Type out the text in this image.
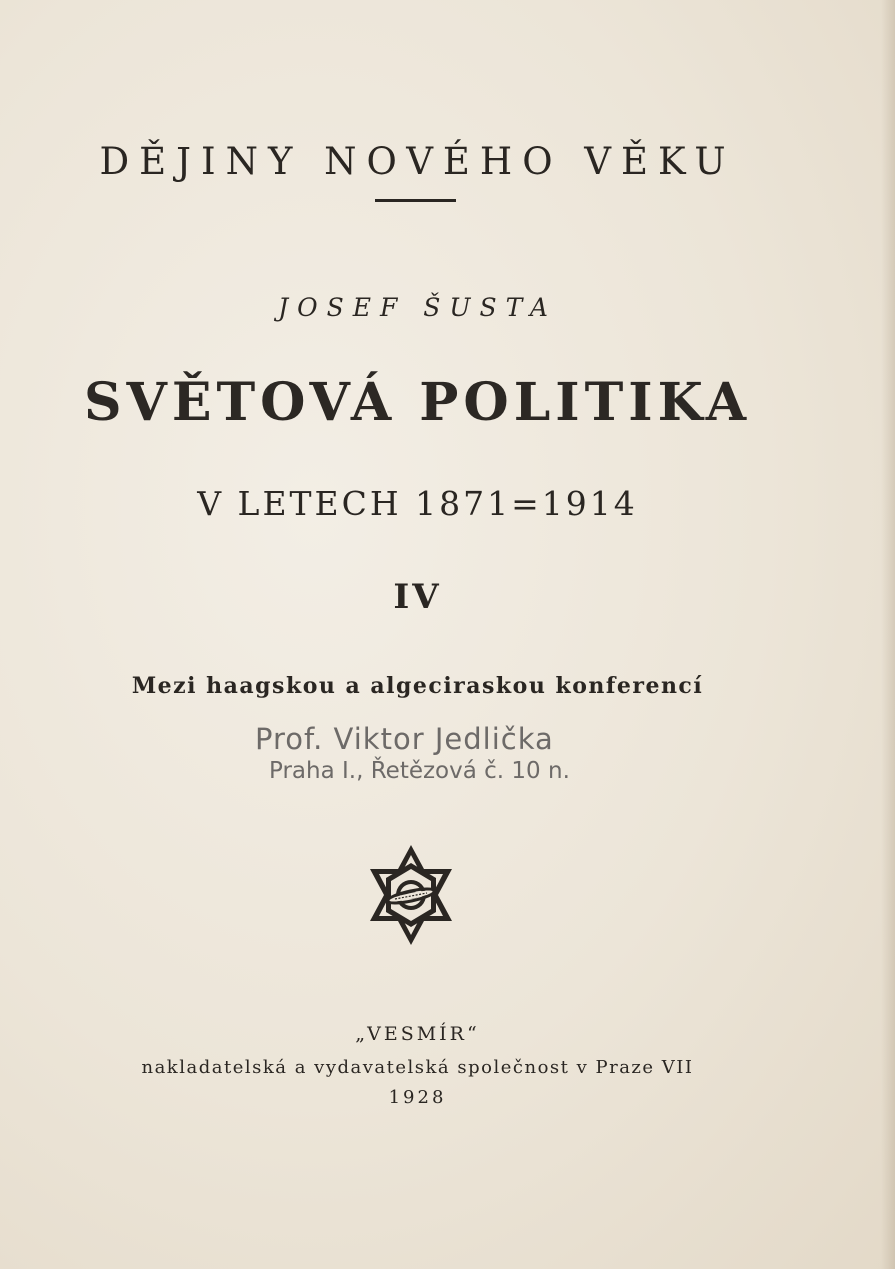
DĚJINY NOVÉHO VĚKU
JOSEF ŠUSTA
SVĚTOVÁ POLITIKA
V LETECH 1871=1914
IV
Mezi haagskou a algeciraskou konferencí
Prof. Viktor Jedlička
Praha I., Řetězová č. 10 n.
„VESMÍR“
nakladatelská a vydavatelská společnost v Praze VII
1928
